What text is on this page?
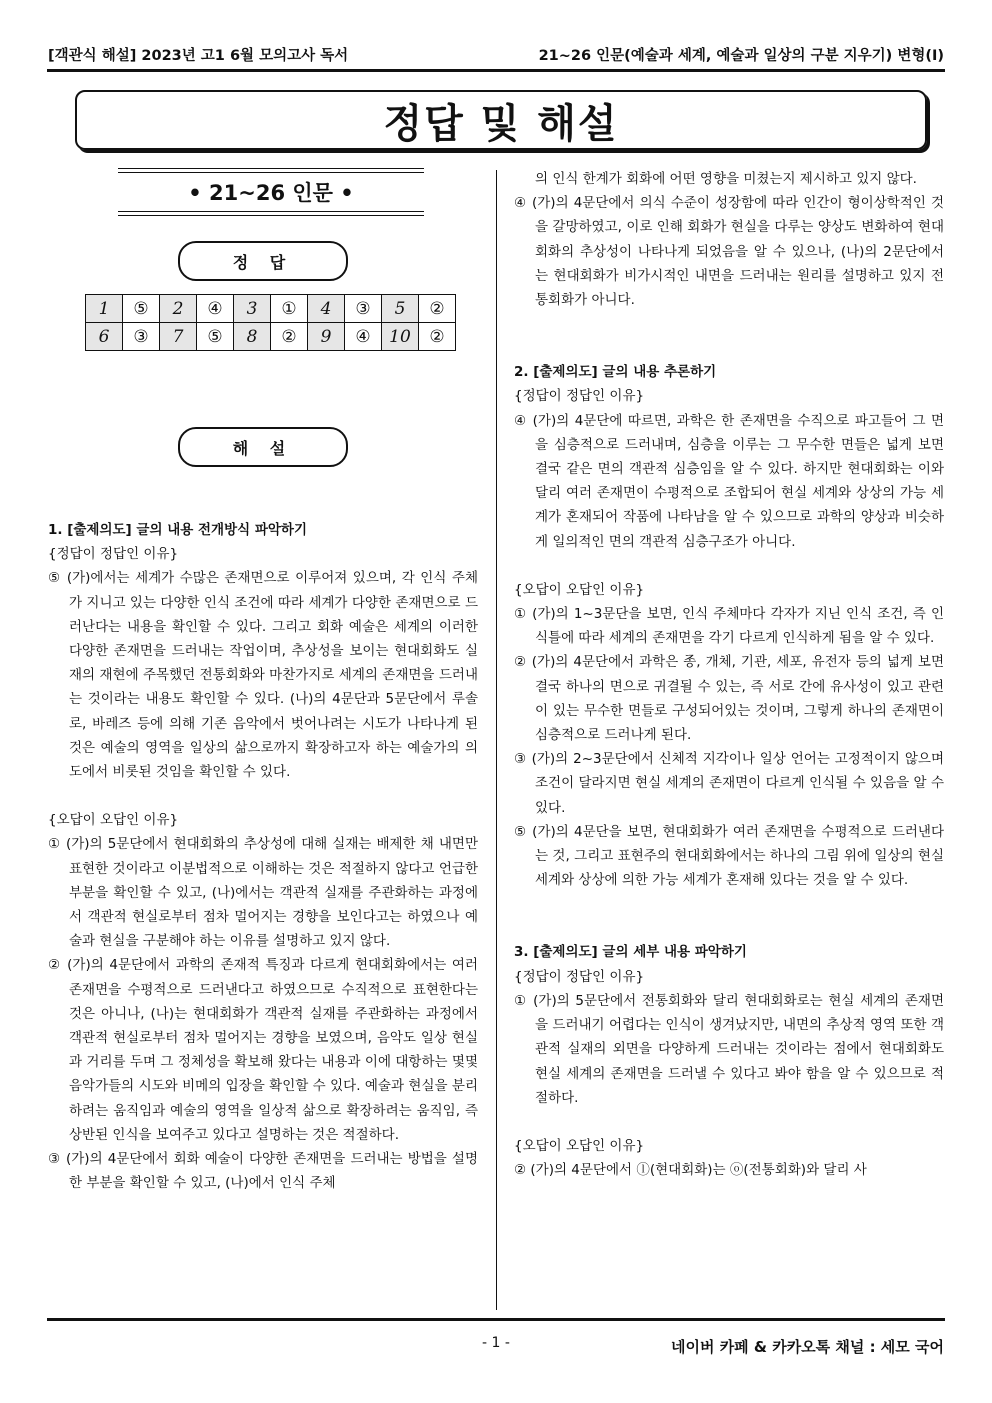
[객관식 해설] 2023년 고1 6월 모의고사 독서	21~26 인문(예술과 세계, 예술과 일상의 구분 지우기) 변형(I)
정답 및 해설
• 21~26 인문 •
정 답
1	⑤	2	④	3	①	4	③	5	②
6	③	7	⑤	8	②	9	④	10	②
해 설

1. [출제의도] 글의 내용 전개방식 파악하기

{정답이 정답인 이유}

⑤ (가)에서는 세계가 수많은 존재면으로 이루어져 있으며, 각 인식 주체가 지니고 있는 다양한 인식 조건에 따라 세계가 다양한 존재면으로 드러난다는 내용을 확인할 수 있다. 그리고 회화 예술은 세계의 이러한 다양한 존재면을 드러내는 작업이며, 추상성을 보이는 현대회화도 실재의 재현에 주목했던 전통회화와 마찬가지로 세계의 존재면을 드러내는 것이라는 내용도 확인할 수 있다. (나)의 4문단과 5문단에서 루솔로, 바레즈 등에 의해 기존 음악에서 벗어나려는 시도가 나타나게 된 것은 예술의 영역을 일상의 삶으로까지 확장하고자 하는 예술가의 의도에서 비롯된 것임을 확인할 수 있다.

{오답이 오답인 이유}

① (가)의 5문단에서 현대회화의 추상성에 대해 실재는 배제한 채 내면만 표현한 것이라고 이분법적으로 이해하는 것은 적절하지 않다고 언급한 부분을 확인할 수 있고, (나)에서는 객관적 실재를 주관화하는 과정에서 객관적 현실로부터 점차 멀어지는 경향을 보인다고는 하였으나 예술과 현실을 구분해야 하는 이유를 설명하고 있지 않다.

② (가)의 4문단에서 과학의 존재적 특징과 다르게 현대회화에서는 여러 존재면을 수평적으로 드러낸다고 하였으므로 수직적으로 표현한다는 것은 아니나, (나)는 현대회화가 객관적 실재를 주관화하는 과정에서 객관적 현실로부터 점차 멀어지는 경향을 보였으며, 음악도 일상 현실과 거리를 두며 그 정체성을 확보해 왔다는 내용과 이에 대항하는 몇몇 음악가들의 시도와 비메의 입장을 확인할 수 있다. 예술과 현실을 분리하려는 움직임과 예술의 영역을 일상적 삶으로 확장하려는 움직임, 즉 상반된 인식을 보여주고 있다고 설명하는 것은 적절하다.

③ (가)의 4문단에서 회화 예술이 다양한 존재면을 드러내는 방법을 설명한 부분을 확인할 수 있고, (나)에서 인식 주체

의 인식 한계가 회화에 어떤 영향을 미쳤는지 제시하고 있지 않다.

④ (가)의 4문단에서 의식 수준이 성장함에 따라 인간이 형이상학적인 것을 갈망하였고, 이로 인해 회화가 현실을 다루는 양상도 변화하여 현대회화의 추상성이 나타나게 되었음을 알 수 있으나, (나)의 2문단에서는 현대회화가 비가시적인 내면을 드러내는 원리를 설명하고 있지 전통회화가 아니다.

2. [출제의도] 글의 내용 추론하기

{정답이 정답인 이유}

④ (가)의 4문단에 따르면, 과학은 한 존재면을 수직으로 파고들어 그 면을 심층적으로 드러내며, 심층을 이루는 그 무수한 면들은 넓게 보면 결국 같은 면의 객관적 심층임을 알 수 있다. 하지만 현대회화는 이와 달리 여러 존재면이 수평적으로 조합되어 현실 세계와 상상의 가능 세계가 혼재되어 작품에 나타남을 알 수 있으므로 과학의 양상과 비슷하게 일의적인 면의 객관적 심층구조가 아니다.

{오답이 오답인 이유}

① (가)의 1~3문단을 보면, 인식 주체마다 각자가 지닌 인식 조건, 즉 인식틀에 따라 세계의 존재면을 각기 다르게 인식하게 됨을 알 수 있다.

② (가)의 4문단에서 과학은 종, 개체, 기관, 세포, 유전자 등의 넓게 보면 결국 하나의 면으로 귀결될 수 있는, 즉 서로 간에 유사성이 있고 관련이 있는 무수한 면들로 구성되어있는 것이며, 그렇게 하나의 존재면이 심층적으로 드러나게 된다.

③ (가)의 2~3문단에서 신체적 지각이나 일상 언어는 고정적이지 않으며 조건이 달라지면 현실 세계의 존재면이 다르게 인식될 수 있음을 알 수 있다.

⑤ (가)의 4문단을 보면, 현대회화가 여러 존재면을 수평적으로 드러낸다는 것, 그리고 표현주의 현대회화에서는 하나의 그림 위에 일상의 현실 세계와 상상에 의한 가능 세계가 혼재해 있다는 것을 알 수 있다.

3. [출제의도] 글의 세부 내용 파악하기

{정답이 정답인 이유}

① (가)의 5문단에서 전통회화와 달리 현대회화로는 현실 세계의 존재면을 드러내기 어렵다는 인식이 생겨났지만, 내면의 추상적 영역 또한 객관적 실재의 외면을 다양하게 드러내는 것이라는 점에서 현대회화도 현실 세계의 존재면을 드러낼 수 있다고 봐야 함을 알 수 있으므로 적절하다.

{오답이 오답인 이유}

② (가)의 4문단에서 ⓛ(현대회화)는 ⓞ(전통회화)와 달리 사

- 1 -	네이버 카페 & 카카오톡 채널 : 세모 국어
